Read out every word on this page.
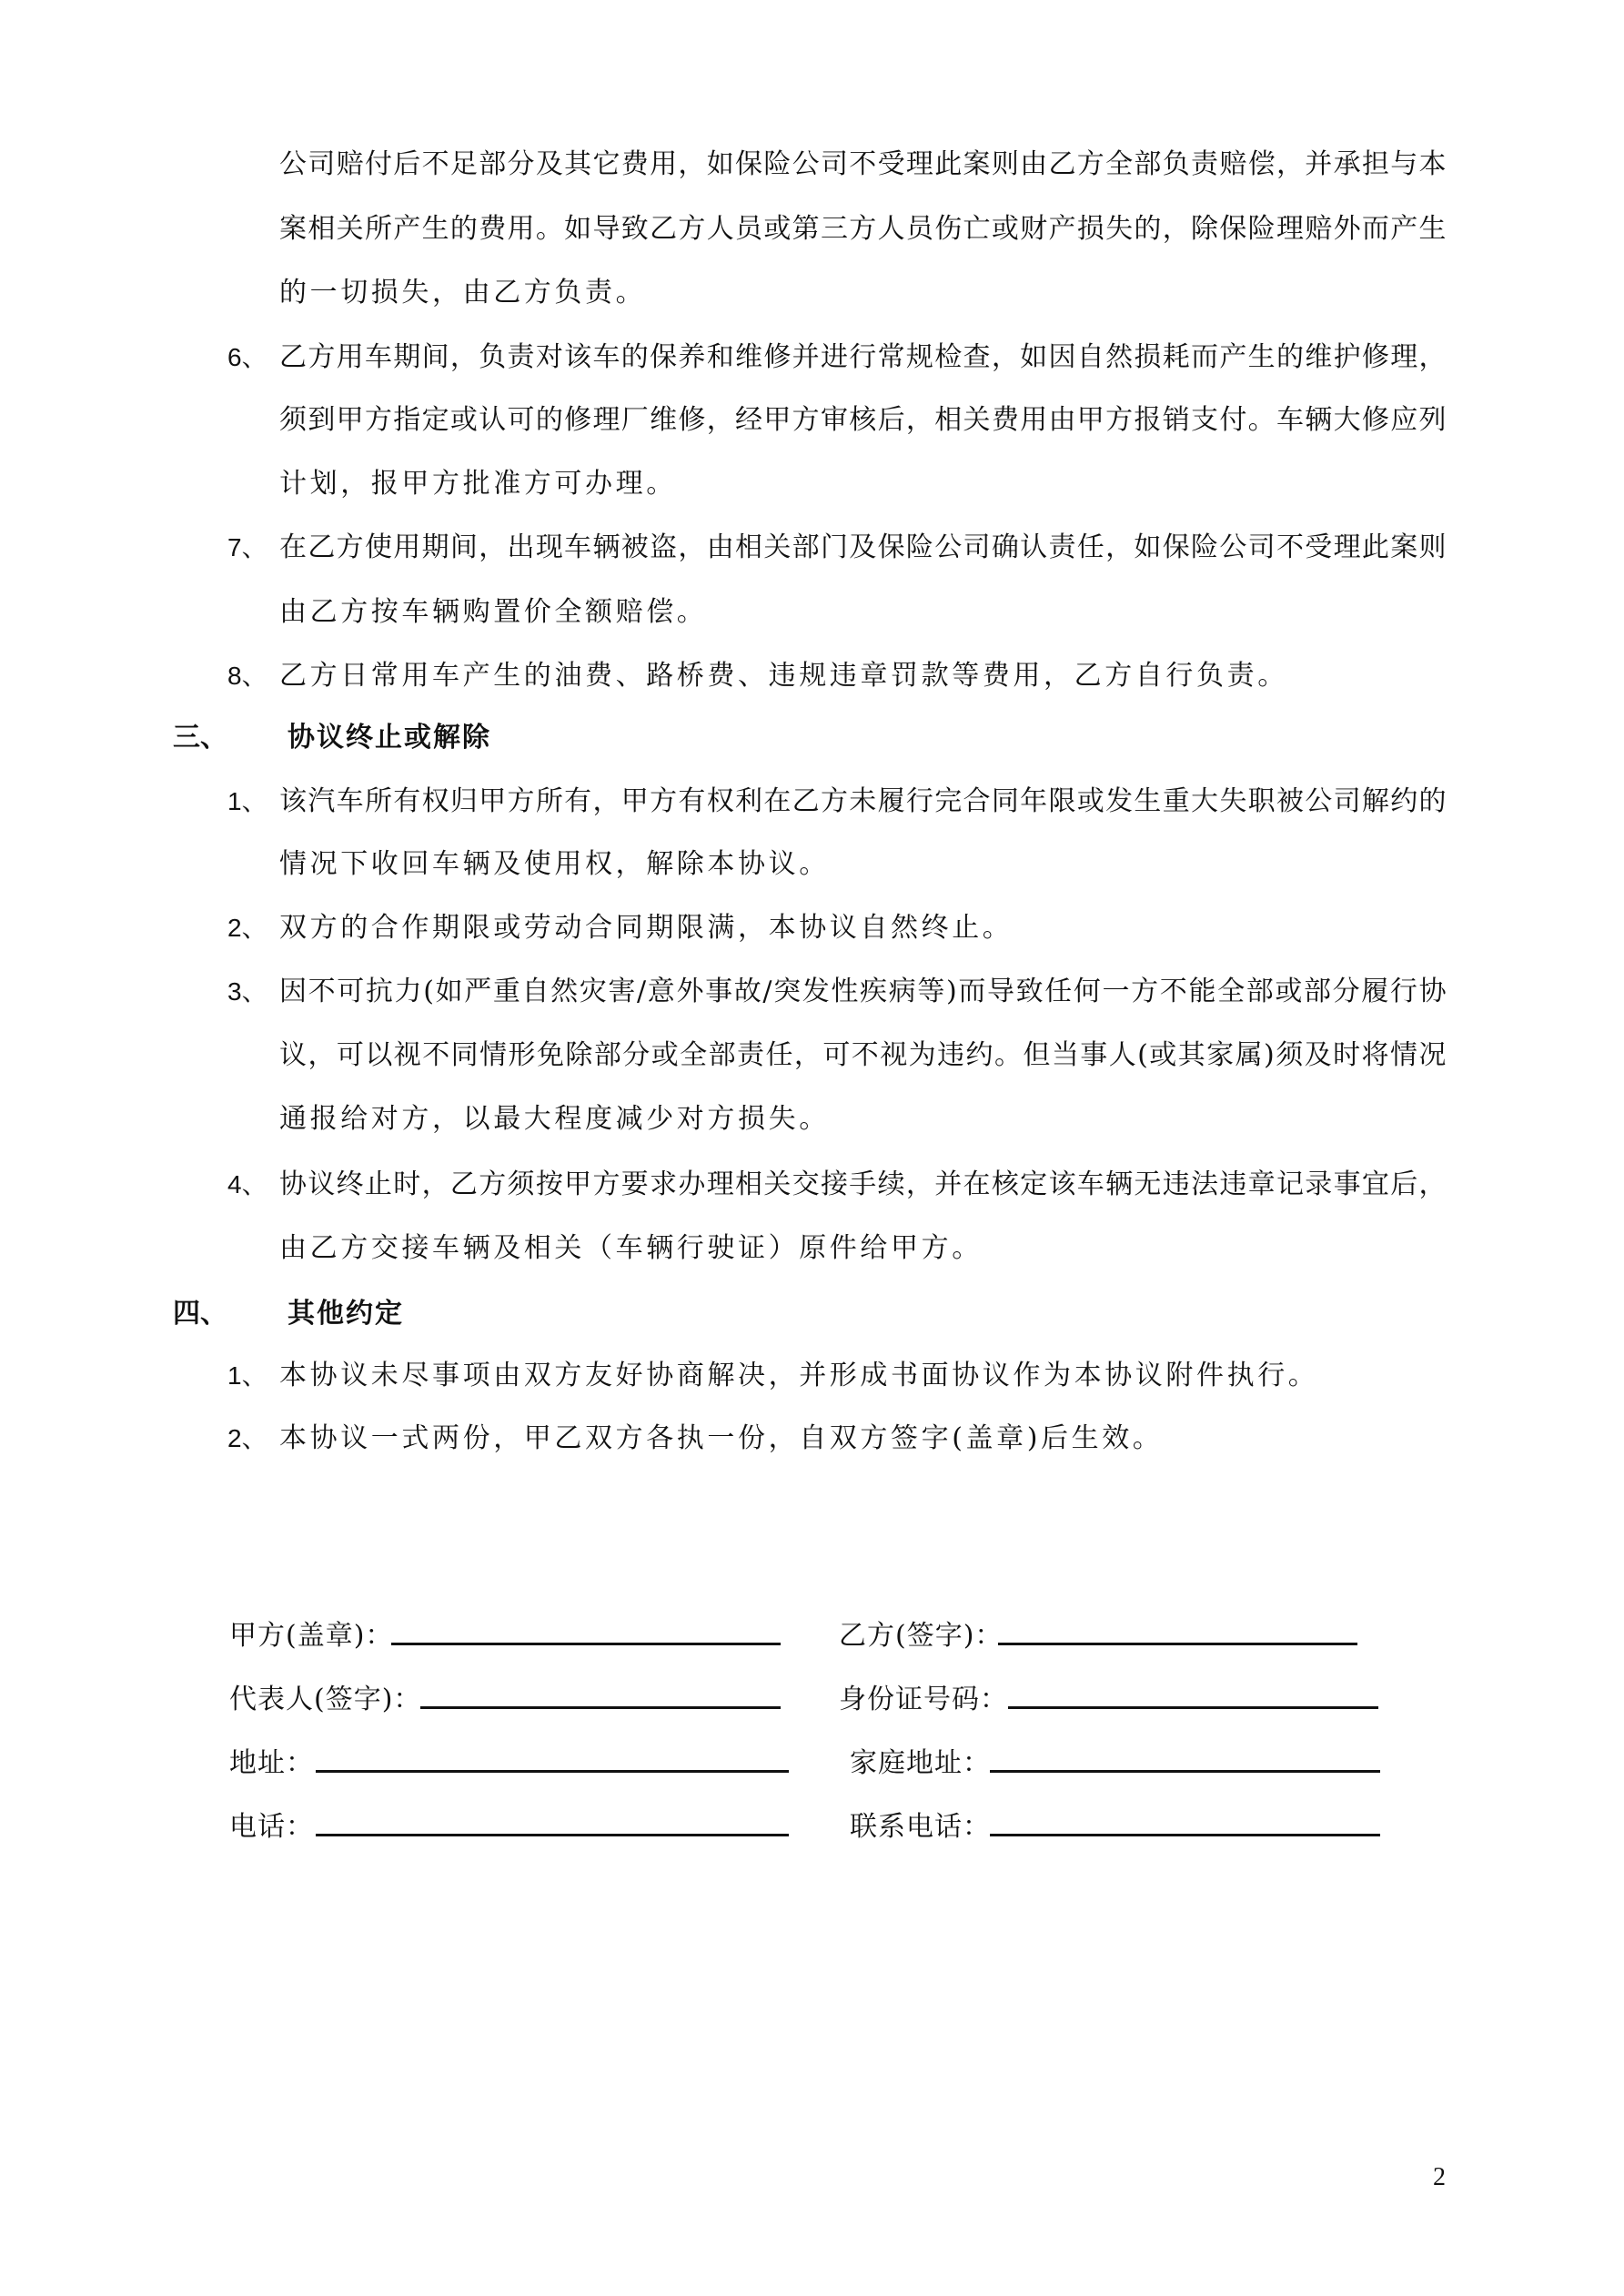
公 司 赔 付 后 不 足 部 分 及 其 它 费 用 ， 如 保 险 公 司 不 受 理 此 案 则 由 乙 方 全 部 负 责 赔 偿 ， 并 承 担 与 本
案 相 关 所 产 生 的 费 用 。 如 导 致 乙 方 人 员 或 第 三 方 人 员 伤 亡 或 财 产 损 失 的 ， 除 保 险 理 赔 外 而 产 生
的一切损失，由乙方负责。
6、 乙 方 用 车 期 间 ， 负 责 对 该 车 的 保 养 和 维 修 并 进 行 常 规 检 查 ， 如 因 自 然 损 耗 而 产 生 的 维 护 修 理 ，
须 到 甲 方 指 定 或 认 可 的 修 理 厂 维 修 ， 经 甲 方 审 核 后 ， 相 关 费 用 由 甲 方 报 销 支 付 。 车 辆 大 修 应 列
计划，报甲方批准方可办理。
7、 在 乙 方 使 用 期 间 ， 出 现 车 辆 被 盗 ， 由 相 关 部 门 及 保 险 公 司 确 认 责 任 ， 如 保 险 公 司 不 受 理 此 案 则
由乙方按车辆购置价全额赔偿。
8、 乙方日常用车产生的油费、路桥费、违规违章罚款等费用，乙方自行负责。
三、 协议终止或解除
1、 该 汽 车 所 有 权 归 甲 方 所 有 ， 甲 方 有 权 利 在 乙 方 未 履 行 完 合 同 年 限 或 发 生 重 大 失 职 被 公 司 解 约 的
情况下收回车辆及使用权，解除本协议。
2、 双方的合作期限或劳动合同期限满，本协议自然终止。
3、 因 不 可 抗 力 ( 如 严 重 自 然 灾 害 / 意 外 事 故 / 突 发 性 疾 病 等 ) 而 导 致 任 何 一 方 不 能 全 部 或 部 分 履 行 协
议 ， 可 以 视 不 同 情 形 免 除 部 分 或 全 部 责 任 ， 可 不 视 为 违 约 。 但 当 事 人 ( 或 其 家 属 ) 须 及 时 将 情 况
通报给对方，以最大程度减少对方损失。
4、 协 议 终 止 时 ， 乙 方 须 按 甲 方 要 求 办 理 相 关 交 接 手 续 ， 并 在 核 定 该 车 辆 无 违 法 违 章 记 录 事 宜 后 ，
由乙方交接车辆及相关（车辆行驶证）原件给甲方。
四、 其他约定
1、 本协议未尽事项由双方友好协商解决，并形成书面协议作为本协议附件执行。
2、 本协议一式两份，甲乙双方各执一份，自双方签字(盖章)后生效。
甲方(盖章)：
代表人(签字)：
地址：
电话：
乙方(签字)：
身份证号码：
家庭地址：
联系电话：
2
